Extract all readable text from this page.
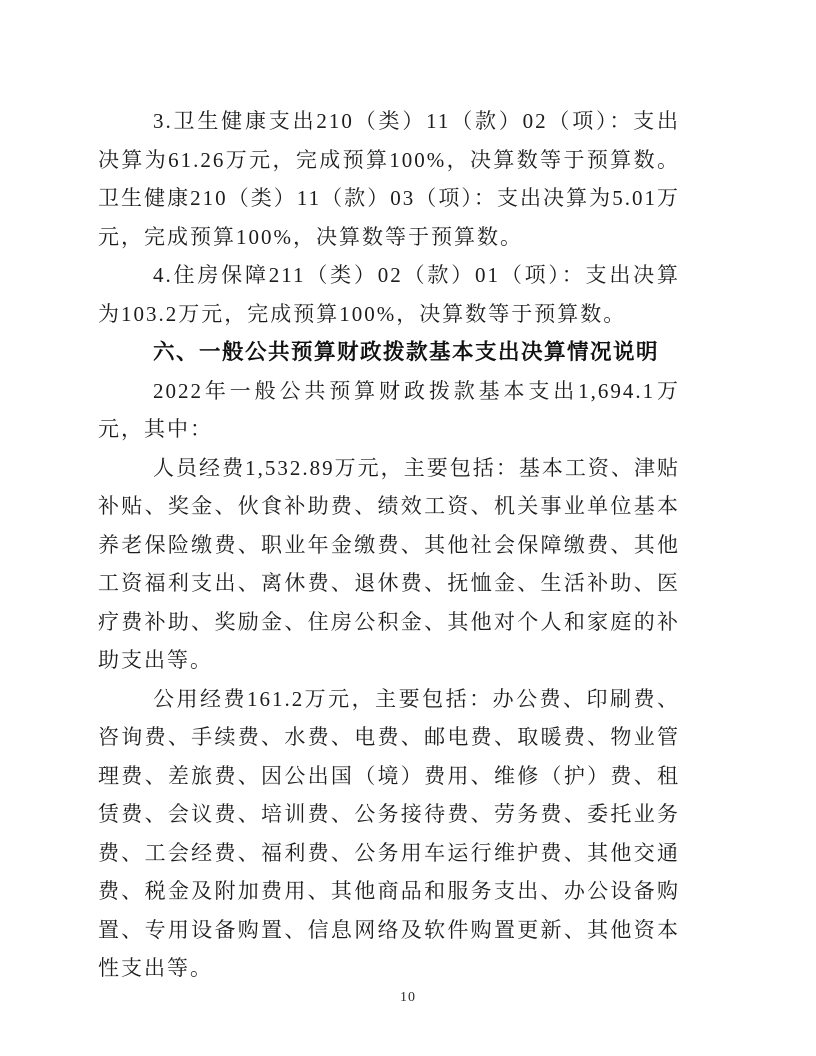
3.卫生健康支出210（类）11（款）02（项）：支出决算为61.26万元，完成预算100%，决算数等于预算数。卫生健康210（类）11（款）03（项）：支出决算为5.01万元，完成预算100%，决算数等于预算数。

4.住房保障211（类）02（款）01（项）：支出决算为103.2万元，完成预算100%，决算数等于预算数。

六、一般公共预算财政拨款基本支出决算情况说明

2022年一般公共预算财政拨款基本支出1,694.1万元，其中：

人员经费1,532.89万元，主要包括：基本工资、津贴补贴、奖金、伙食补助费、绩效工资、机关事业单位基本养老保险缴费、职业年金缴费、其他社会保障缴费、其他工资福利支出、离休费、退休费、抚恤金、生活补助、医疗费补助、奖励金、住房公积金、其他对个人和家庭的补助支出等。

公用经费161.2万元，主要包括：办公费、印刷费、咨询费、手续费、水费、电费、邮电费、取暖费、物业管理费、差旅费、因公出国（境）费用、维修（护）费、租赁费、会议费、培训费、公务接待费、劳务费、委托业务费、工会经费、福利费、公务用车运行维护费、其他交通费、税金及附加费用、其他商品和服务支出、办公设备购置、专用设备购置、信息网络及软件购置更新、其他资本性支出等。

10
